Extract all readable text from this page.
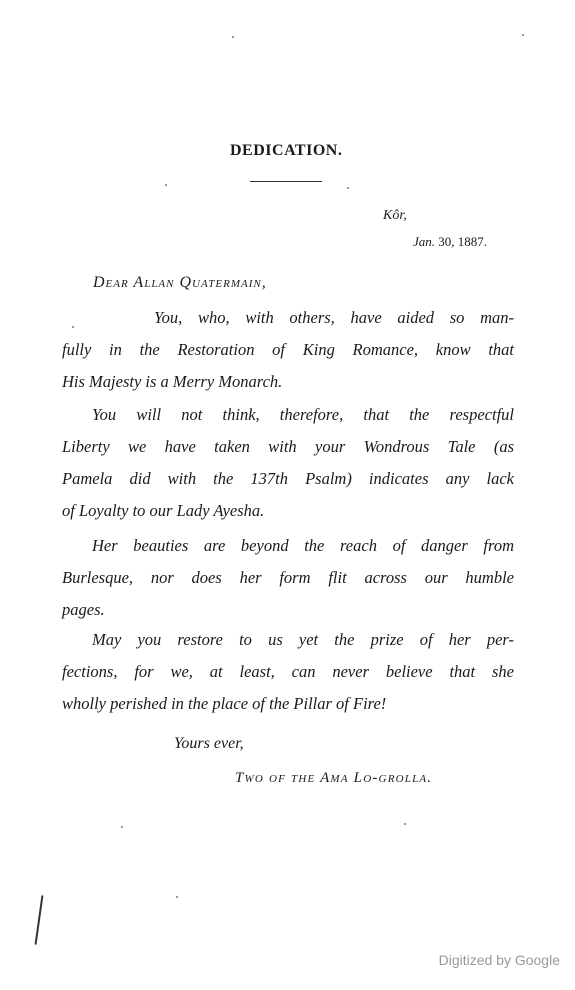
DEDICATION.
Kôr,
Jan. 30, 1887.
Dear Allan Quatermain,
You, who, with others, have aided so man-
fully in the Restoration of King Romance, know that
His Majesty is a Merry Monarch.
You will not think, therefore, that the respectful
Liberty we have taken with your Wondrous Tale (as
Pamela did with the 137th Psalm) indicates any lack
of Loyalty to our Lady Ayesha.
Her beauties are beyond the reach of danger from
Burlesque, nor does her form flit across our humble
pages.
May you restore to us yet the prize of her per-
fections, for we, at least, can never believe that she
wholly perished in the place of the Pillar of Fire!
Yours ever,
Two of the Ama Lo-grolla.
Digitized by Google
